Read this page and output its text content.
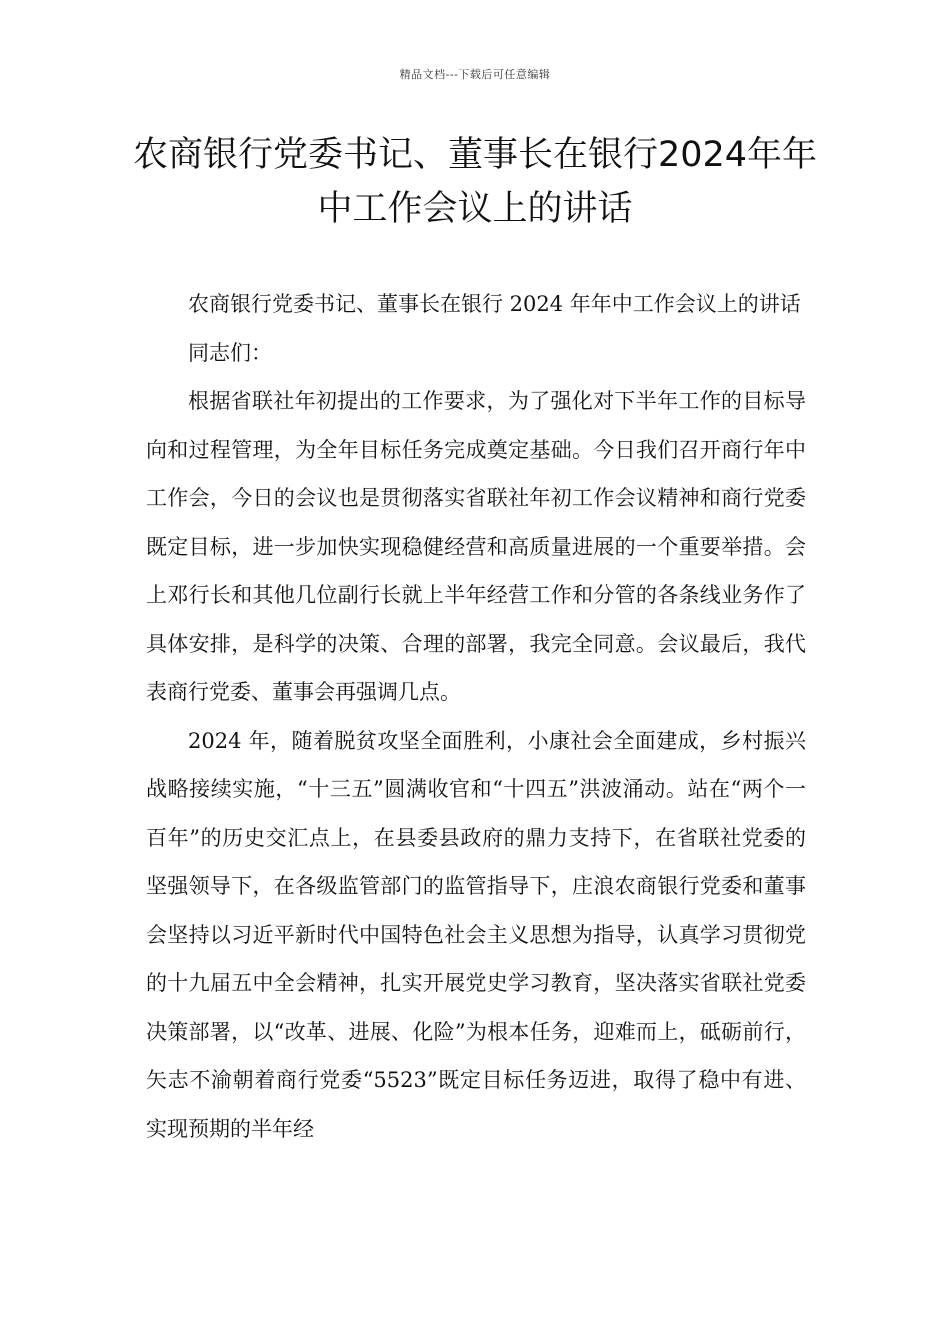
精品文档---下载后可任意编辑
农商银行党委书记、董事长在银行2024年年中工作会议上的讲话

农商银行党委书记、董事长在银行 2024 年年中工作会议上的讲话

同志们：

根据省联社年初提出的工作要求，为了强化对下半年工作的目标导向和过程管理，为全年目标任务完成奠定基础。今日我们召开商行年中工作会，今日的会议也是贯彻落实省联社年初工作会议精神和商行党委既定目标，进一步加快实现稳健经营和高质量进展的一个重要举措。会上邓行长和其他几位副行长就上半年经营工作和分管的各条线业务作了具体安排，是科学的决策、合理的部署，我完全同意。会议最后，我代表商行党委、董事会再强调几点。

2024 年，随着脱贫攻坚全面胜利，小康社会全面建成，乡村振兴战略接续实施，“十三五”圆满收官和“十四五”洪波涌动。站在“两个一百年”的历史交汇点上，在县委县政府的鼎力支持下，在省联社党委的坚强领导下，在各级监管部门的监管指导下，庄浪农商银行党委和董事会坚持以习近平新时代中国特色社会主义思想为指导，认真学习贯彻党的十九届五中全会精神，扎实开展党史学习教育，坚决落实省联社党委决策部署，以“改革、进展、化险”为根本任务，迎难而上，砥砺前行，矢志不渝朝着商行党委“5523”既定目标任务迈进，取得了稳中有进、实现预期的半年经
